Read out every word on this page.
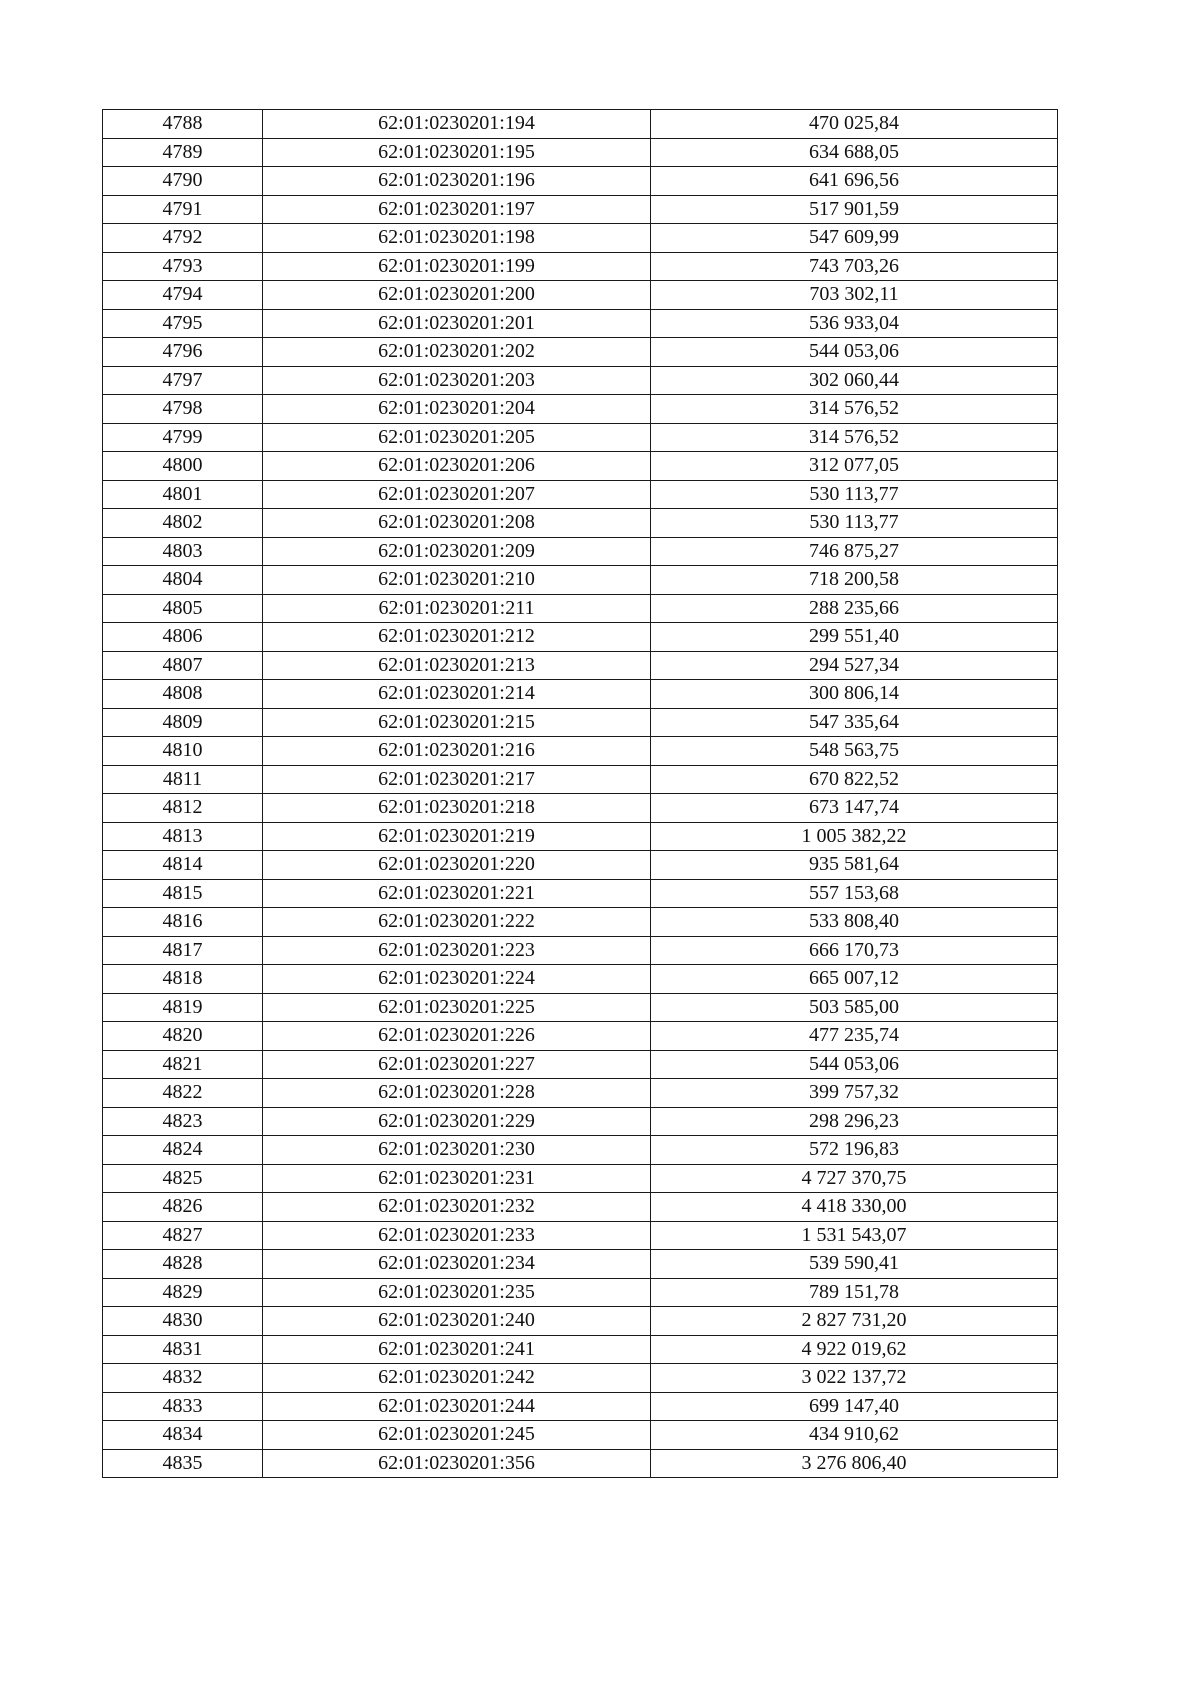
4788	62:01:0230201:194	470 025,84
4789	62:01:0230201:195	634 688,05
4790	62:01:0230201:196	641 696,56
4791	62:01:0230201:197	517 901,59
4792	62:01:0230201:198	547 609,99
4793	62:01:0230201:199	743 703,26
4794	62:01:0230201:200	703 302,11
4795	62:01:0230201:201	536 933,04
4796	62:01:0230201:202	544 053,06
4797	62:01:0230201:203	302 060,44
4798	62:01:0230201:204	314 576,52
4799	62:01:0230201:205	314 576,52
4800	62:01:0230201:206	312 077,05
4801	62:01:0230201:207	530 113,77
4802	62:01:0230201:208	530 113,77
4803	62:01:0230201:209	746 875,27
4804	62:01:0230201:210	718 200,58
4805	62:01:0230201:211	288 235,66
4806	62:01:0230201:212	299 551,40
4807	62:01:0230201:213	294 527,34
4808	62:01:0230201:214	300 806,14
4809	62:01:0230201:215	547 335,64
4810	62:01:0230201:216	548 563,75
4811	62:01:0230201:217	670 822,52
4812	62:01:0230201:218	673 147,74
4813	62:01:0230201:219	1 005 382,22
4814	62:01:0230201:220	935 581,64
4815	62:01:0230201:221	557 153,68
4816	62:01:0230201:222	533 808,40
4817	62:01:0230201:223	666 170,73
4818	62:01:0230201:224	665 007,12
4819	62:01:0230201:225	503 585,00
4820	62:01:0230201:226	477 235,74
4821	62:01:0230201:227	544 053,06
4822	62:01:0230201:228	399 757,32
4823	62:01:0230201:229	298 296,23
4824	62:01:0230201:230	572 196,83
4825	62:01:0230201:231	4 727 370,75
4826	62:01:0230201:232	4 418 330,00
4827	62:01:0230201:233	1 531 543,07
4828	62:01:0230201:234	539 590,41
4829	62:01:0230201:235	789 151,78
4830	62:01:0230201:240	2 827 731,20
4831	62:01:0230201:241	4 922 019,62
4832	62:01:0230201:242	3 022 137,72
4833	62:01:0230201:244	699 147,40
4834	62:01:0230201:245	434 910,62
4835	62:01:0230201:356	3 276 806,40
